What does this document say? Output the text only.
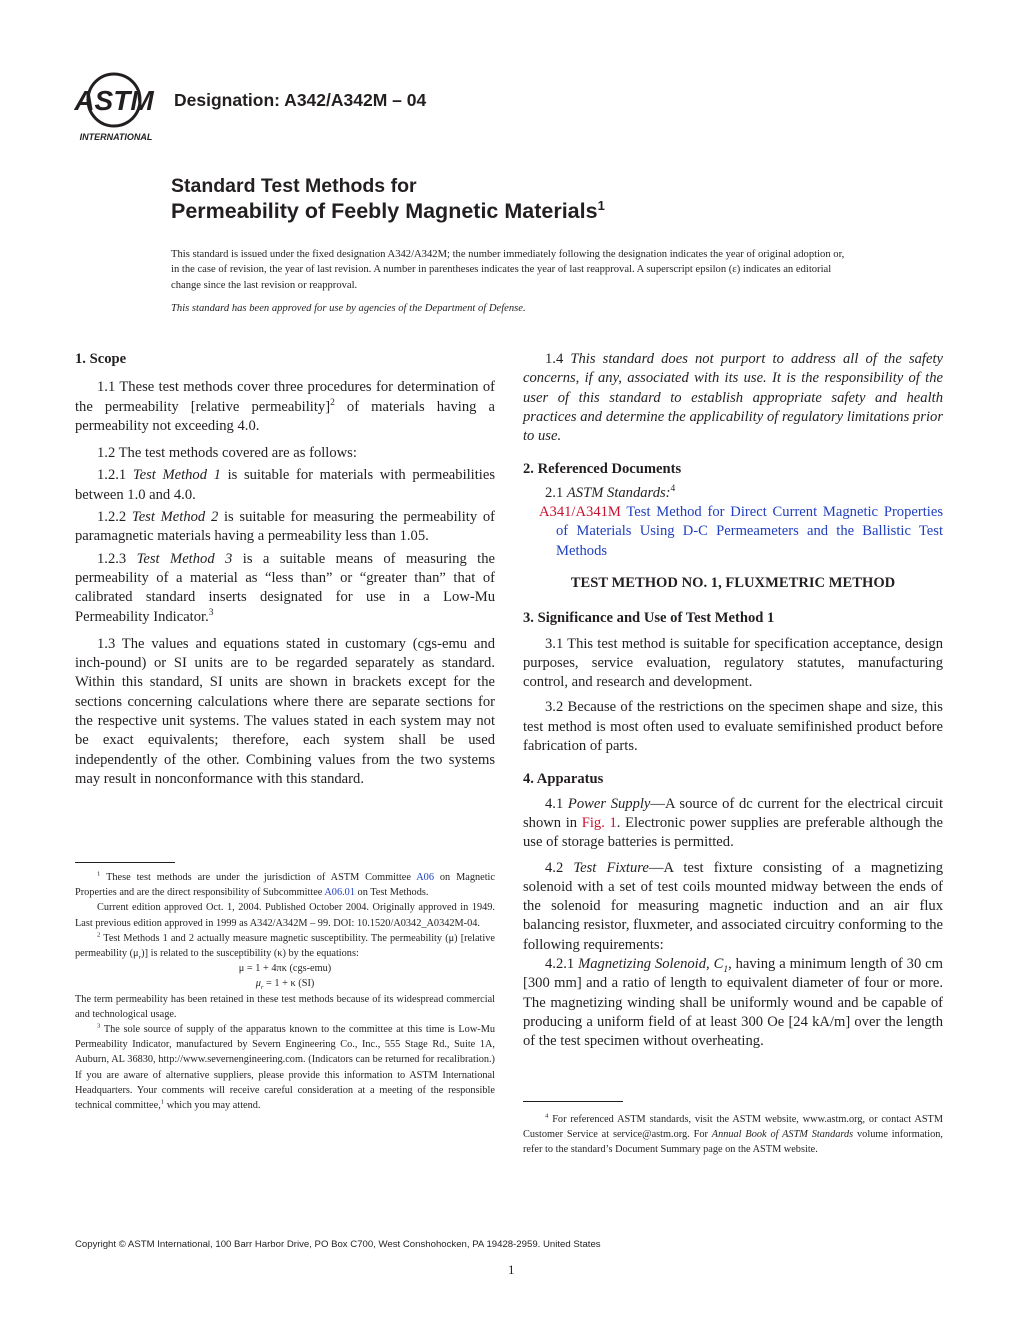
ASTM
INTERNATIONAL
Designation: A342/A342M – 04
Standard Test Methods for
Permeability of Feebly Magnetic Materials$^1$
This standard is issued under the fixed designation A342/A342M; the number immediately following the designation indicates the year of original adoption or, in the case of revision, the year of last revision. A number in parentheses indicates the year of last reapproval. A superscript epsilon (ε) indicates an editorial change since the last revision or reapproval.
This standard has been approved for use by agencies of the Department of Defense.

1. Scope

1.1 These test methods cover three procedures for determination of the permeability [relative permeability]$^2$ of materials having a permeability not exceeding 4.0.

1.2 The test methods covered are as follows:

1.2.1 Test Method 1 is suitable for materials with permeabilities between 1.0 and 4.0.

1.2.2 Test Method 2 is suitable for measuring the permeability of paramagnetic materials having a permeability less than 1.05.

1.2.3 Test Method 3 is a suitable means of measuring the permeability of a material as “less than” or “greater than” that of calibrated standard inserts designated for use in a Low-Mu Permeability Indicator.$^3$

1.3 The values and equations stated in customary (cgs-emu and inch-pound) or SI units are to be regarded separately as standard. Within this standard, SI units are shown in brackets except for the sections concerning calculations where there are separate sections for the respective unit systems. The values stated in each system may not be exact equivalents; therefore, each system shall be used independently of the other. Combining values from the two systems may result in nonconformance with this standard.

1.4 This standard does not purport to address all of the safety concerns, if any, associated with its use. It is the responsibility of the user of this standard to establish appropriate safety and health practices and determine the applicability of regulatory limitations prior to use.

2. Referenced Documents

2.1 ASTM Standards:$^4$

A341/A341M Test Method for Direct Current Magnetic Properties of Materials Using D-C Permeameters and the Ballistic Test Methods

TEST METHOD NO. 1, FLUXMETRIC METHOD

3. Significance and Use of Test Method 1

3.1 This test method is suitable for specification acceptance, design purposes, service evaluation, regulatory statutes, manufacturing control, and research and development.

3.2 Because of the restrictions on the specimen shape and size, this test method is most often used to evaluate semifinished product before fabrication of parts.

4. Apparatus

4.1 Power Supply—A source of dc current for the electrical circuit shown in Fig. 1. Electronic power supplies are preferable although the use of storage batteries is permitted.

4.2 Test Fixture—A test fixture consisting of a magnetizing solenoid with a set of test coils mounted midway between the ends of the solenoid for measuring magnetic induction and an air flux balancing resistor, fluxmeter, and associated circuitry conforming to the following requirements:

4.2.1 Magnetizing Solenoid, $C_1$, having a minimum length of 30 cm [300 mm] and a ratio of length to equivalent diameter of four or more. The magnetizing winding shall be uniformly wound and be capable of producing a uniform field of at least 300 Oe [24 kA/m] over the length of the test specimen without overheating.

$^1$ These test methods are under the jurisdiction of ASTM Committee A06 on Magnetic Properties and are the direct responsibility of Subcommittee A06.01 on Test Methods.

Current edition approved Oct. 1, 2004. Published October 2004. Originally approved in 1949. Last previous edition approved in 1999 as A342/A342M – 99. DOI: 10.1520/A0342_A0342M-04.

$^2$ Test Methods 1 and 2 actually measure magnetic susceptibility. The permeability (μ) [relative permeability $(\mu_r)$] is related to the susceptibility (κ) by the equations:

μ = 1 + 4πκ (cgs-emu)

$\mu_r = 1 + \kappa$ (SI)

The term permeability has been retained in these test methods because of its widespread commercial and technological usage.

$^3$ The sole source of supply of the apparatus known to the committee at this time is Low-Mu Permeability Indicator, manufactured by Severn Engineering Co., Inc., 555 Stage Rd., Suite 1A, Auburn, AL 36830, http://www.severnengineering.com. (Indicators can be returned for recalibration.) If you are aware of alternative suppliers, please provide this information to ASTM International Headquarters. Your comments will receive careful consideration at a meeting of the responsible technical committee,$^1$ which you may attend.

$^4$ For referenced ASTM standards, visit the ASTM website, www.astm.org, or contact ASTM Customer Service at service@astm.org. For Annual Book of ASTM Standards volume information, refer to the standard’s Document Summary page on the ASTM website.

Copyright © ASTM International, 100 Barr Harbor Drive, PO Box C700, West Conshohocken, PA 19428-2959. United States
1
